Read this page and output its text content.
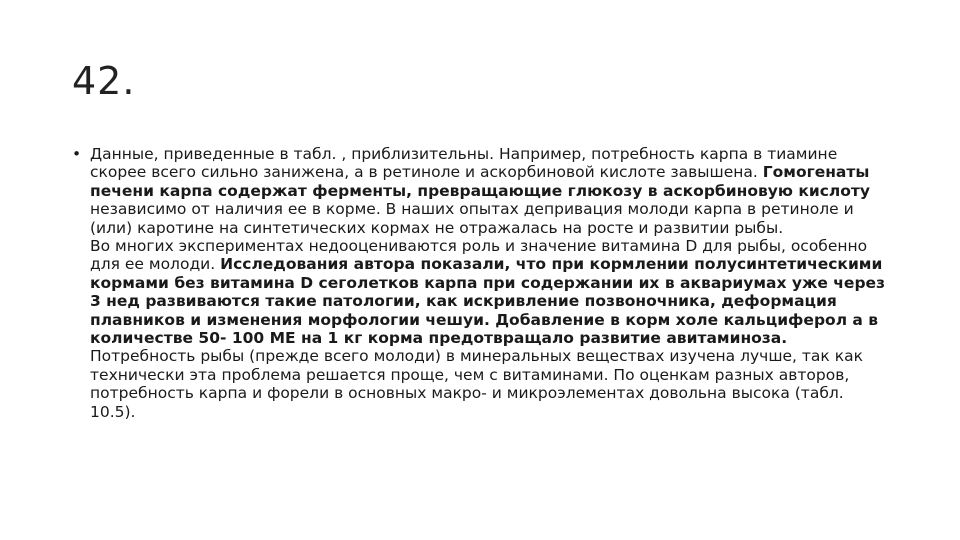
42.
• Данные, приведенные в табл. , приблизительны. Например, потребность карпа в тиамине скорее всего сильно занижена, а в ретиноле и аскорбиновой кислоте завышена. Гомогенаты печени карпа содержат ферменты, превращающие глюкозу в аскорбиновую кислоту независимо от наличия ее в корме. В наших опытах депривация молоди карпа в ретиноле и (или) каротине на синтетических кормах не отражалась на росте и развитии рыбы.

Во многих экспериментах недооцениваются роль и значение витамина D для рыбы, особенно для ее молоди. Исследования автора показали, что при кормлении полусинтетическими кормами без витамина D сеголетков карпа при содержании их в аквариумах уже через 3 нед развиваются такие патологии, как искривление позвоночника, деформация плавников и изменения морфологии чешуи. Добавление в корм холе кальциферол а в количестве 50- 100 МЕ на 1 кг корма предотвращало развитие авитаминоза.

Потребность рыбы (прежде всего молоди) в минеральных веществах изучена лучше, так как технически эта проблема решается проще, чем с витаминами. По оценкам разных авторов, потребность карпа и форели в основных макро- и микроэлементах довольна высока (табл. 10.5).
